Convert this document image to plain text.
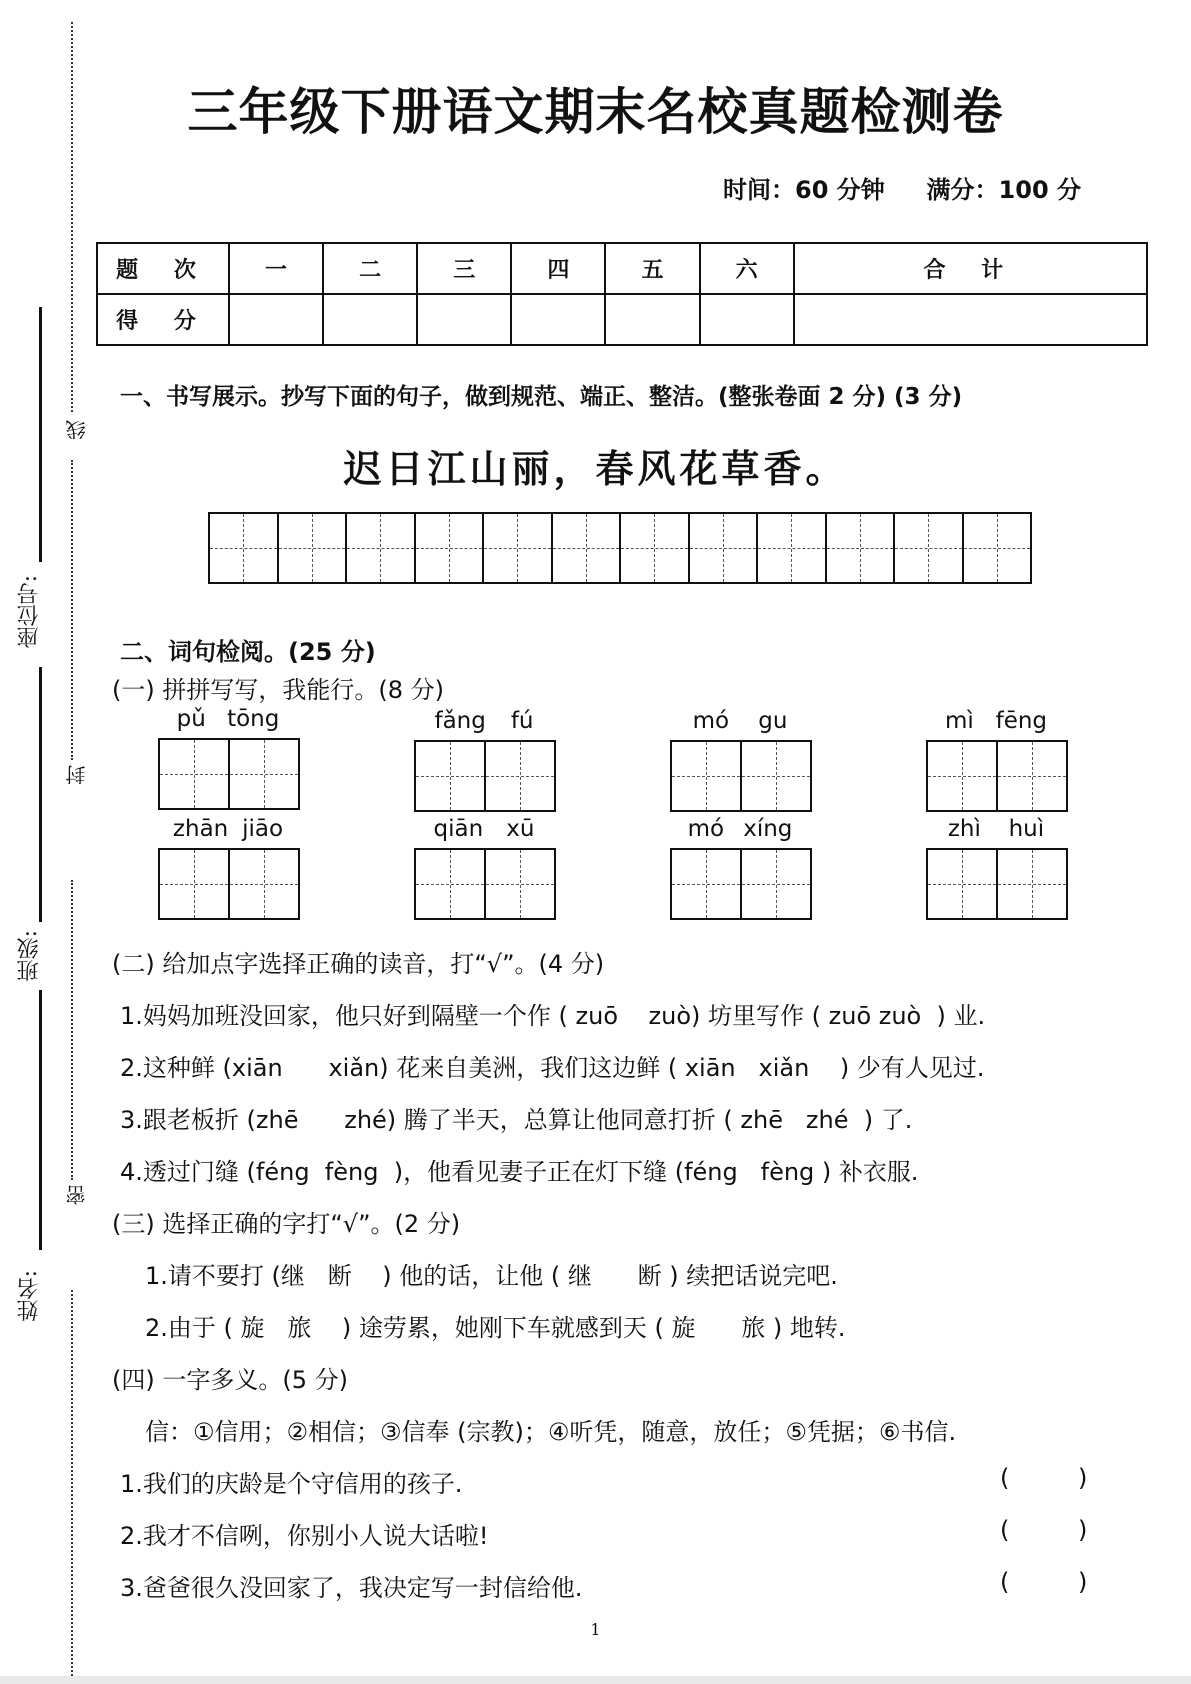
线
封
密
座位号:
班级:
姓名:
三年级下册语文期末名校真题检测卷
时间：60 分钟 满分：100 分
题 次	一	二	三	四	五	六	合 计
得 分							
一、书写展示。抄写下面的句子，做到规范、端正、整洁。(整张卷面 2 分) (3 分)
迟日江山丽，春风花草香。
二、词句检阅。(25 分)
(一) 拼拼写写，我能行。(8 分)
pǔ tōng	fǎng fú	mó gu	mì fēng
zhān jiāo	qiān xū	mó xíng	zhì huì
(二) 给加点字选择正确的读音，打“√”。(4 分)
1.妈妈加班没回家，他只好到隔壁一个作 ( zuō    zuò) 坊里写作 ( zuō zuò  ) 业.
2.这种鲜 (xiān      xiǎn) 花来自美洲，我们这边鲜 ( xiān   xiǎn    ) 少有人见过.
3.跟老板折 (zhē      zhé) 腾了半天，总算让他同意打折 ( zhē   zhé  ) 了.
4.透过门缝 (féng  fèng  )，他看见妻子正在灯下缝 (féng   fèng ) 补衣服.
(三) 选择正确的字打“√”。(2 分)
1.请不要打 (继   断    ) 他的话，让他 ( 继      断 ) 续把话说完吧.
2.由于 ( 旋   旅    ) 途劳累，她刚下车就感到天 ( 旋      旅 ) 地转.
(四) 一字多义。(5 分)
信：①信用；②相信；③信奉 (宗教)；④听凭，随意，放任；⑤凭据；⑥书信.
1.我们的庆龄是个守信用的孩子.	(         )
2.我才不信咧，你别小人说大话啦!	(         )
3.爸爸很久没回家了，我决定写一封信给他.	(         )
1
